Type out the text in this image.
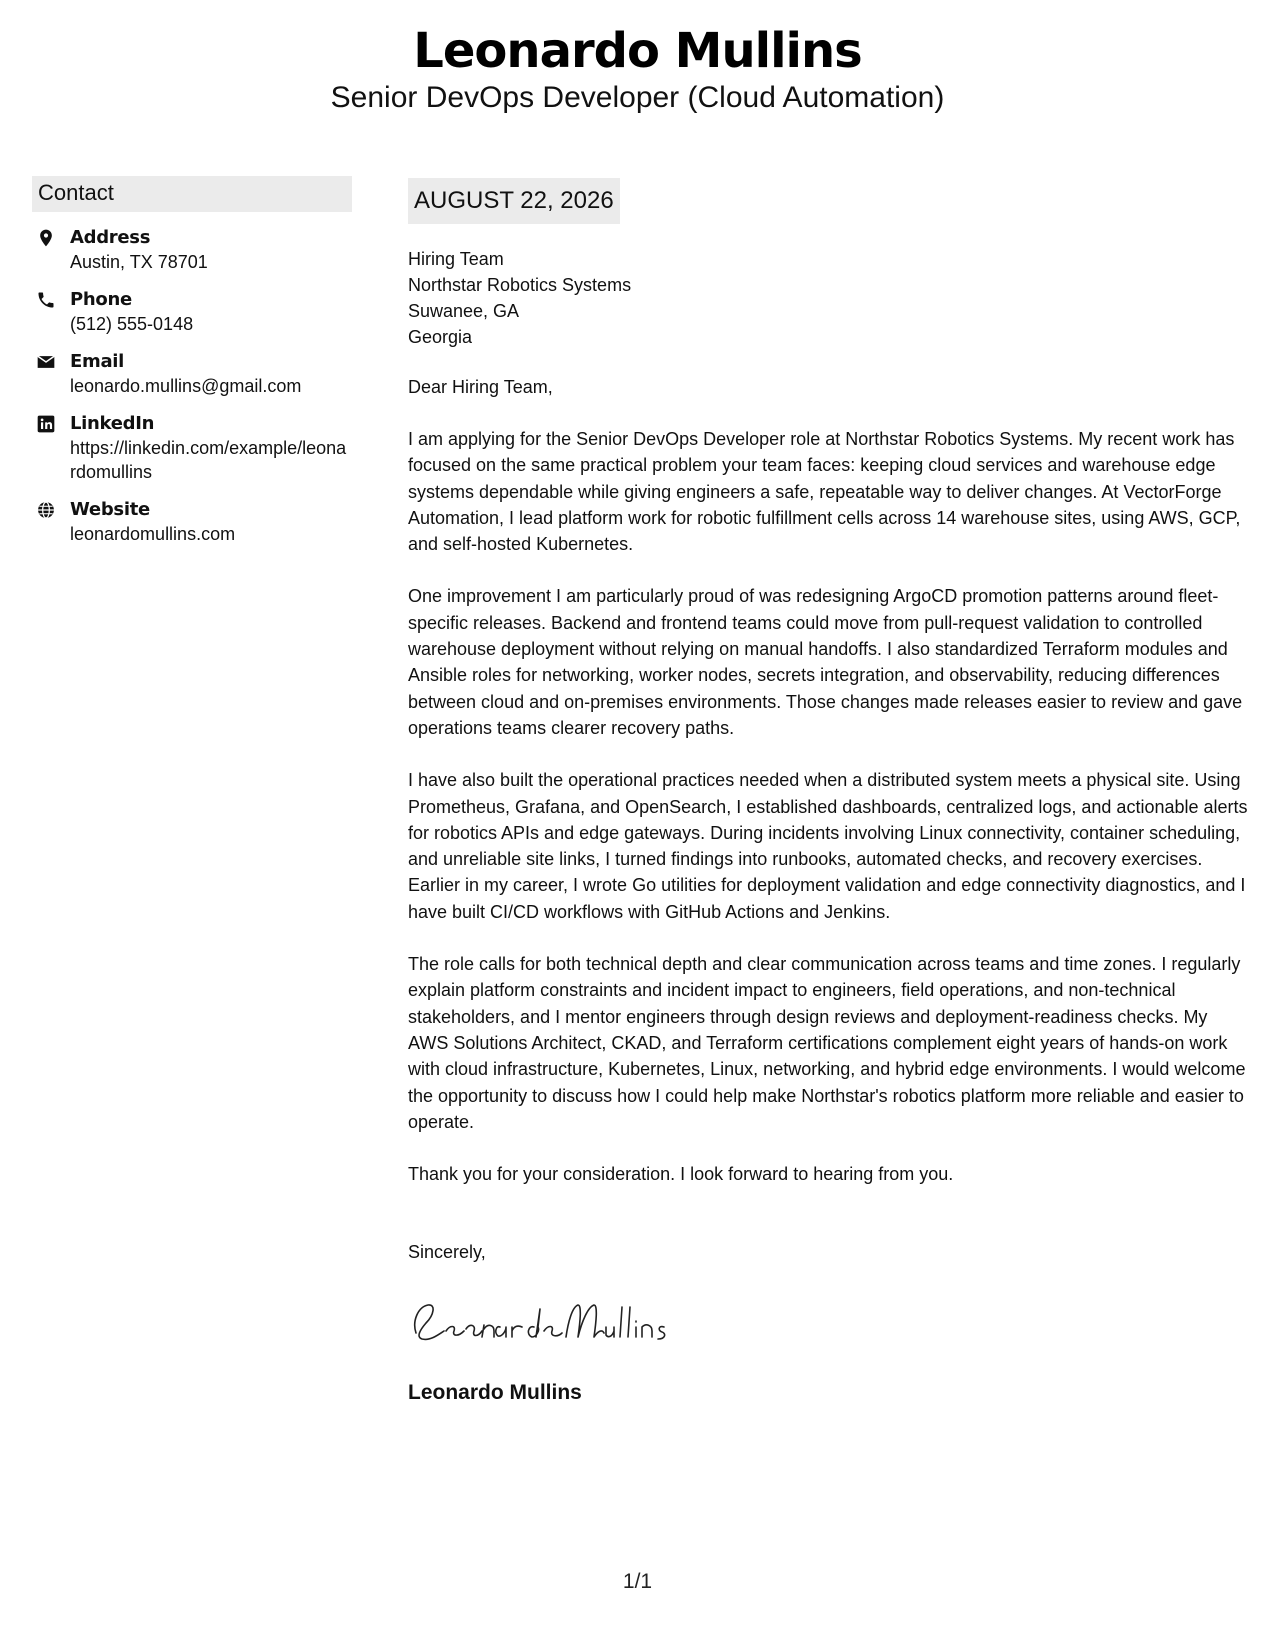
Leonardo Mullins
Senior DevOps Developer (Cloud Automation)
Contact
Address
Austin, TX 78701
Phone
(512) 555-0148
Email
leonardo.mullins@gmail.com
LinkedIn
https://linkedin.com/example/leonardomullins
Website
leonardomullins.com
AUGUST 22, 2026
Hiring Team
Northstar Robotics Systems
Suwanee, GA
Georgia
Dear Hiring Team,
I am applying for the Senior DevOps Developer role at Northstar Robotics Systems. My recent work has focused on the same practical problem your team faces: keeping cloud services and warehouse edge systems dependable while giving engineers a safe, repeatable way to deliver changes. At VectorForge Automation, I lead platform work for robotic fulfillment cells across 14 warehouse sites, using AWS, GCP, and self-hosted Kubernetes.
One improvement I am particularly proud of was redesigning ArgoCD promotion patterns around fleet-specific releases. Backend and frontend teams could move from pull-request validation to controlled warehouse deployment without relying on manual handoffs. I also standardized Terraform modules and Ansible roles for networking, worker nodes, secrets integration, and observability, reducing differences between cloud and on-premises environments. Those changes made releases easier to review and gave operations teams clearer recovery paths.
I have also built the operational practices needed when a distributed system meets a physical site. Using Prometheus, Grafana, and OpenSearch, I established dashboards, centralized logs, and actionable alerts for robotics APIs and edge gateways. During incidents involving Linux connectivity, container scheduling, and unreliable site links, I turned findings into runbooks, automated checks, and recovery exercises. Earlier in my career, I wrote Go utilities for deployment validation and edge connectivity diagnostics, and I have built CI/CD workflows with GitHub Actions and Jenkins.
The role calls for both technical depth and clear communication across teams and time zones. I regularly explain platform constraints and incident impact to engineers, field operations, and non-technical stakeholders, and I mentor engineers through design reviews and deployment-readiness checks. My AWS Solutions Architect, CKAD, and Terraform certifications complement eight years of hands-on work with cloud infrastructure, Kubernetes, Linux, networking, and hybrid edge environments. I would welcome the opportunity to discuss how I could help make Northstar's robotics platform more reliable and easier to operate.
Thank you for your consideration. I look forward to hearing from you.
Sincerely,
Leonardo Mullins
1/1
